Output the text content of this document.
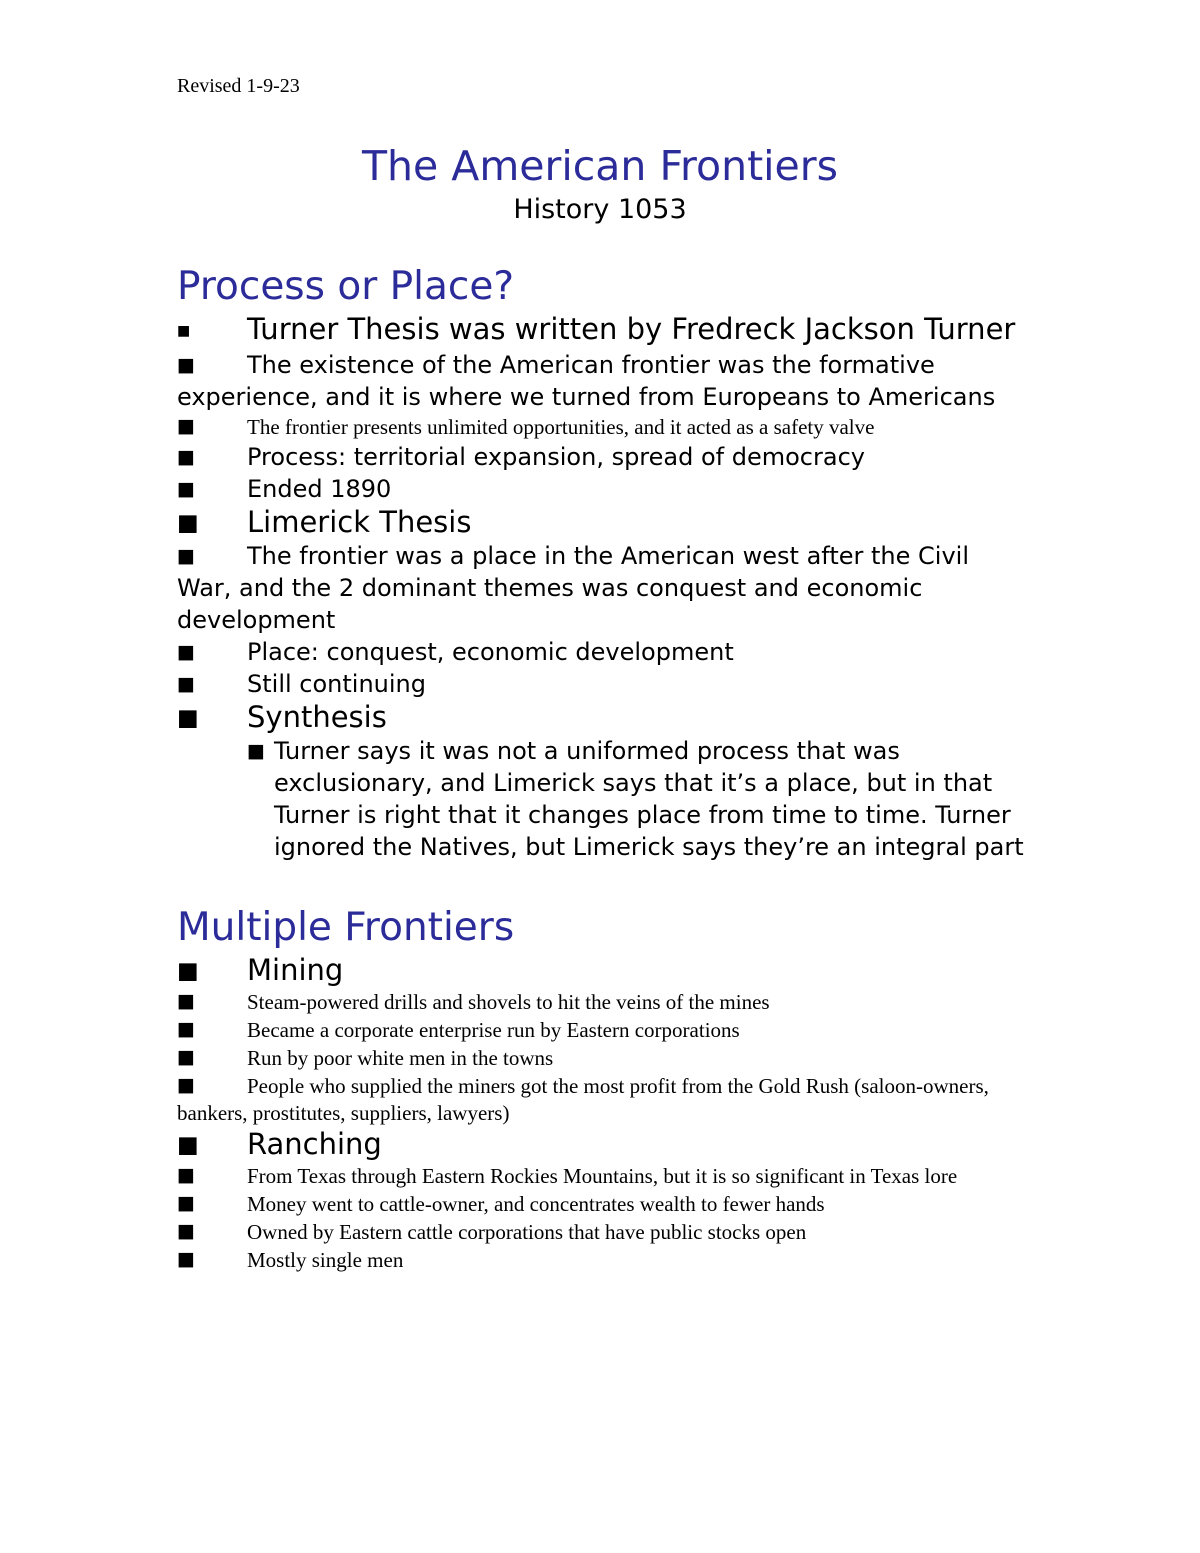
Revised 1-9-23
The American Frontiers
History 1053
Process or Place?

■ Turner Thesis was written by Fredreck Jackson Turner

■ The existence of the American frontier was the formative experience, and it is where we turned from Europeans to Americans

■ The frontier presents unlimited opportunities, and it acted as a safety valve

■ Process: territorial expansion, spread of democracy

■ Ended 1890

■ Limerick Thesis

■ The frontier was a place in the American west after the Civil War, and the 2 dominant themes was conquest and economic development

■ Place: conquest, economic development

■ Still continuing

■ Synthesis

■ Turner says it was not a uniformed process that was exclusionary, and Limerick says that it’s a place, but in that Turner is right that it changes place from time to time. Turner ignored the Natives, but Limerick says they’re an integral part

Multiple Frontiers

■ Mining

■ Steam-powered drills and shovels to hit the veins of the mines

■ Became a corporate enterprise run by Eastern corporations

■ Run by poor white men in the towns

■ People who supplied the miners got the most profit from the Gold Rush (saloon-owners, bankers, prostitutes, suppliers, lawyers)

■ Ranching

■ From Texas through Eastern Rockies Mountains, but it is so significant in Texas lore

■ Money went to cattle-owner, and concentrates wealth to fewer hands

■ Owned by Eastern cattle corporations that have public stocks open

■ Mostly single men
